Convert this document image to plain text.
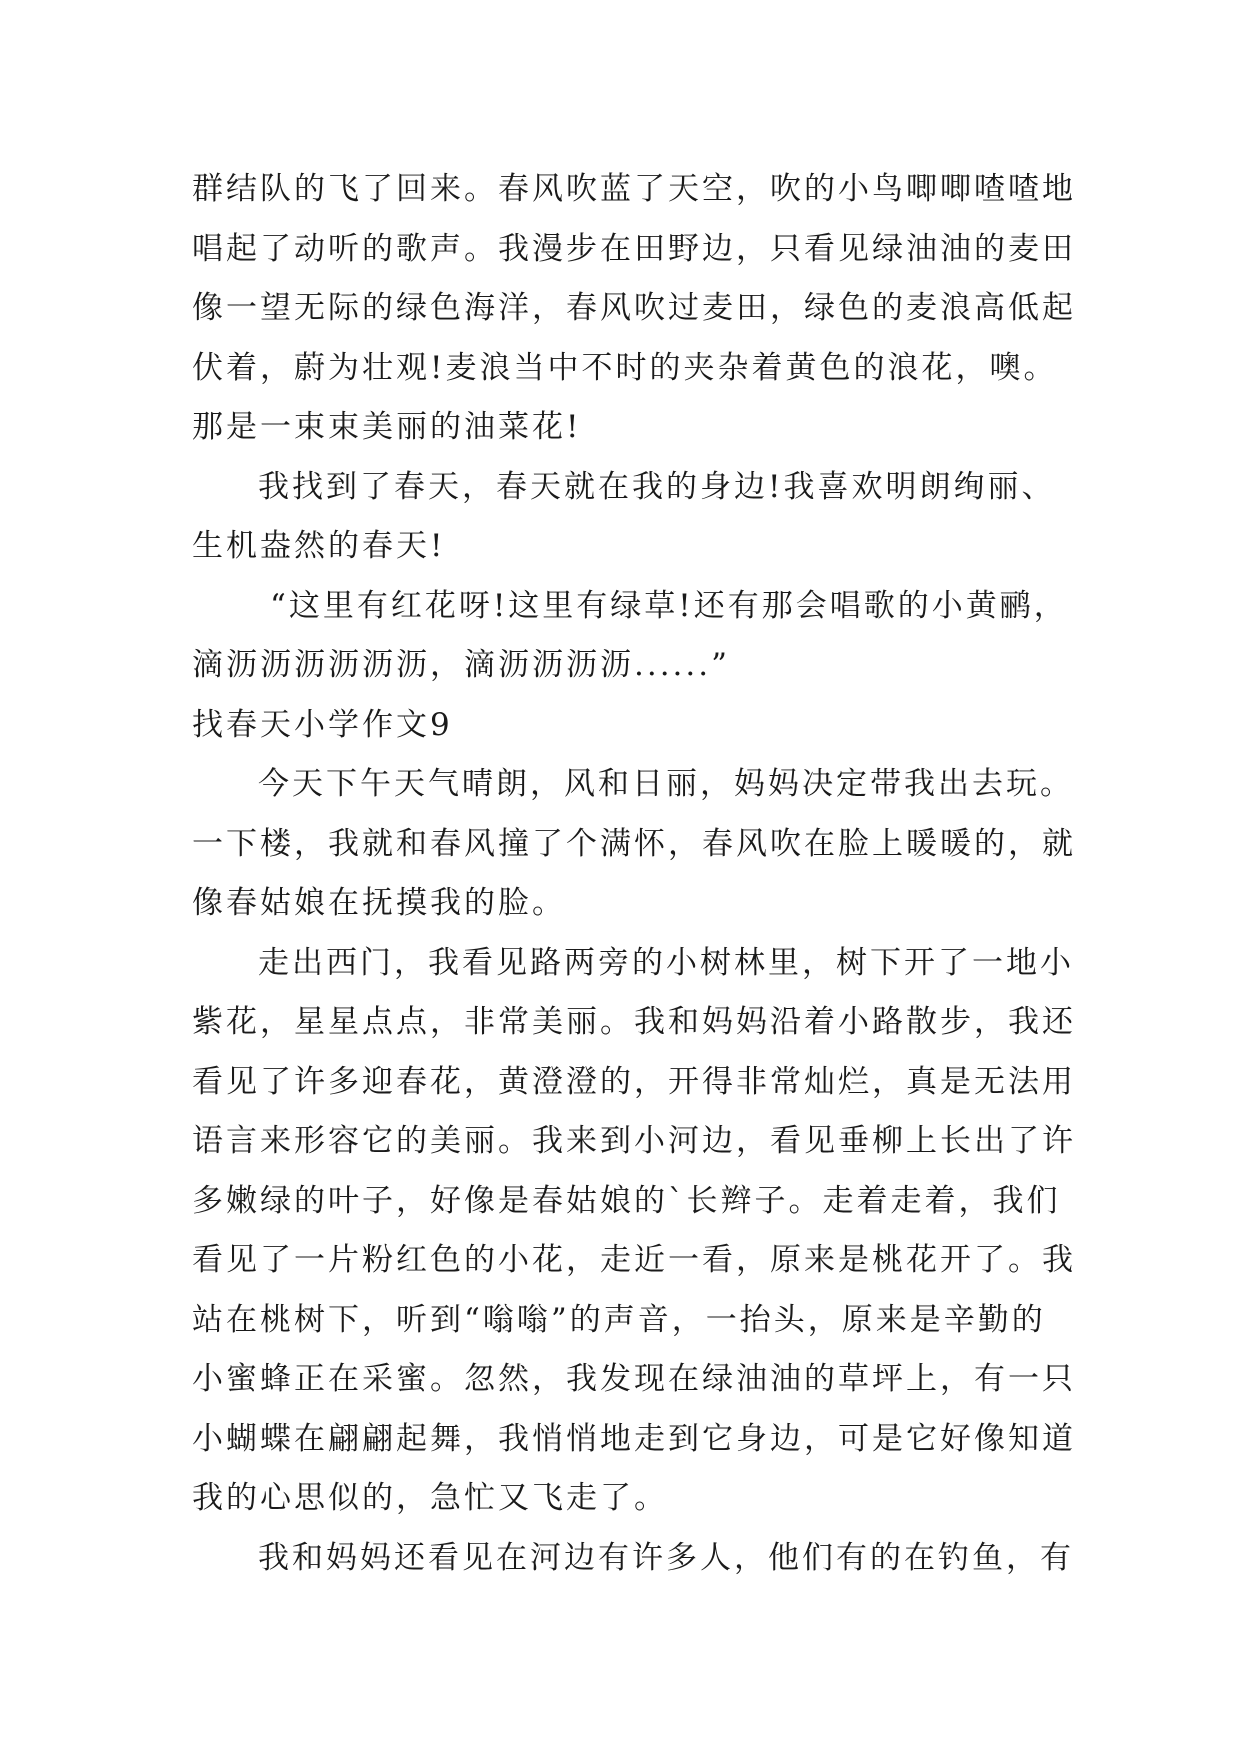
群结队的飞了回来。春风吹蓝了天空，吹的小鸟唧唧喳喳地
唱起了动听的歌声。我漫步在田野边，只看见绿油油的麦田
像一望无际的绿色海洋，春风吹过麦田，绿色的麦浪高低起
伏着，蔚为壮观!麦浪当中不时的夹杂着黄色的浪花，噢。
那是一束束美丽的油菜花!
我找到了春天，春天就在我的身边!我喜欢明朗绚丽、
生机盎然的春天!
“这里有红花呀!这里有绿草!还有那会唱歌的小黄鹂，
滴沥沥沥沥沥沥，滴沥沥沥沥......”
找春天小学作文9
今天下午天气晴朗，风和日丽，妈妈决定带我出去玩。
一下楼，我就和春风撞了个满怀，春风吹在脸上暖暖的，就
像春姑娘在抚摸我的脸。
走出西门，我看见路两旁的小树林里，树下开了一地小
紫花，星星点点，非常美丽。我和妈妈沿着小路散步，我还
看见了许多迎春花，黄澄澄的，开得非常灿烂，真是无法用
语言来形容它的美丽。我来到小河边，看见垂柳上长出了许
多嫩绿的叶子，好像是春姑娘的`长辫子。走着走着，我们
看见了一片粉红色的小花，走近一看，原来是桃花开了。我
站在桃树下，听到“嗡嗡”的声音，一抬头，原来是辛勤的
小蜜蜂正在采蜜。忽然，我发现在绿油油的草坪上，有一只
小蝴蝶在翩翩起舞，我悄悄地走到它身边，可是它好像知道
我的心思似的，急忙又飞走了。
我和妈妈还看见在河边有许多人，他们有的在钓鱼，有
